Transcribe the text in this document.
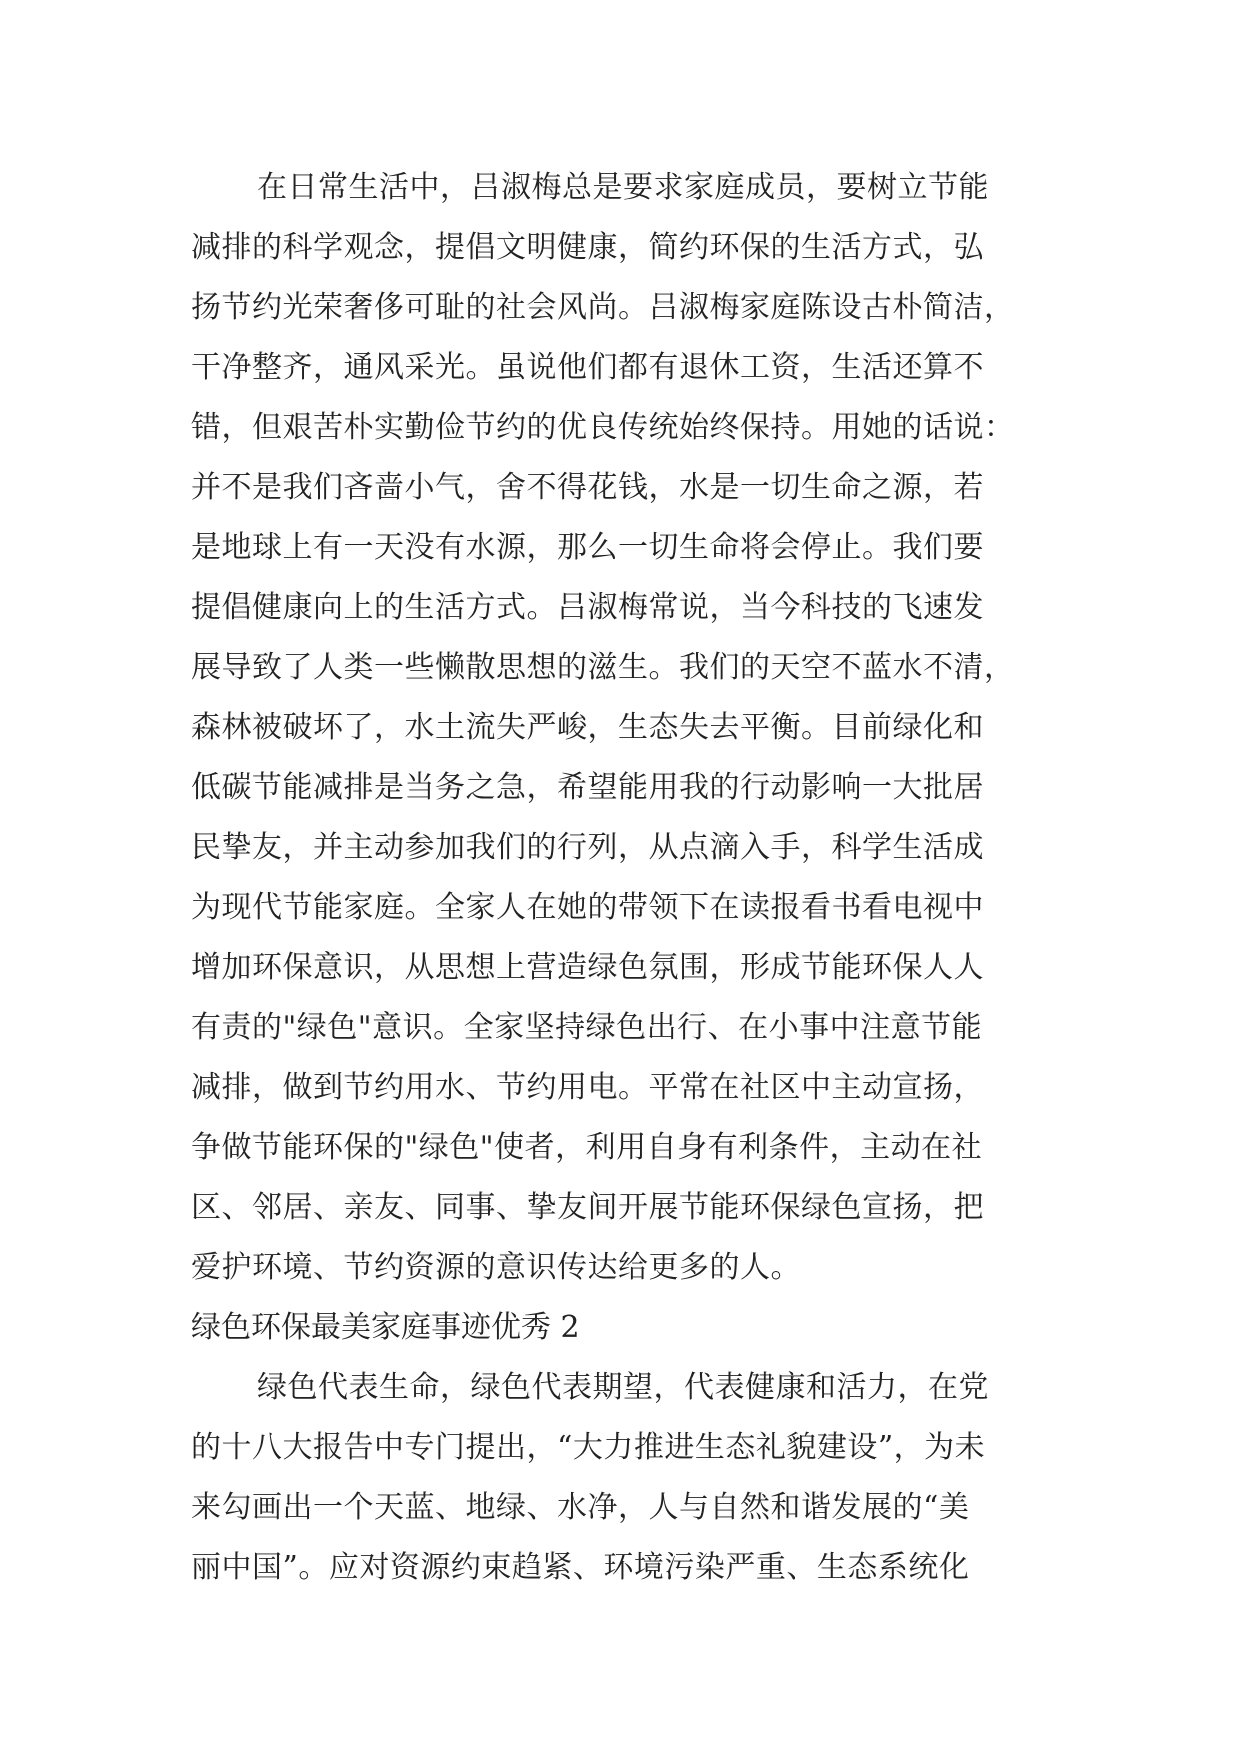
在日常生活中，吕淑梅总是要求家庭成员，要树立节能
减排的科学观念，提倡文明健康，简约环保的生活方式，弘
扬节约光荣奢侈可耻的社会风尚。吕淑梅家庭陈设古朴简洁，
干净整齐，通风采光。虽说他们都有退休工资，生活还算不
错，但艰苦朴实勤俭节约的优良传统始终保持。用她的话说：
并不是我们吝啬小气，舍不得花钱，水是一切生命之源，若
是地球上有一天没有水源，那么一切生命将会停止。我们要
提倡健康向上的生活方式。吕淑梅常说，当今科技的飞速发
展导致了人类一些懒散思想的滋生。我们的天空不蓝水不清，
森林被破坏了，水土流失严峻，生态失去平衡。目前绿化和
低碳节能减排是当务之急，希望能用我的行动影响一大批居
民挚友，并主动参加我们的行列，从点滴入手，科学生活成
为现代节能家庭。全家人在她的带领下在读报看书看电视中
增加环保意识，从思想上营造绿色氛围，形成节能环保人人
有责的"绿色"意识。全家坚持绿色出行、在小事中注意节能
减排，做到节约用水、节约用电。平常在社区中主动宣扬，
争做节能环保的"绿色"使者，利用自身有利条件，主动在社
区、邻居、亲友、同事、挚友间开展节能环保绿色宣扬，把
爱护环境、节约资源的意识传达给更多的人。
绿色环保最美家庭事迹优秀 2
绿色代表生命，绿色代表期望，代表健康和活力，在党
的十八大报告中专门提出，“大力推进生态礼貌建设”，为未
来勾画出一个天蓝、地绿、水净，人与自然和谐发展的“美
丽中国”。应对资源约束趋紧、环境污染严重、生态系统化
